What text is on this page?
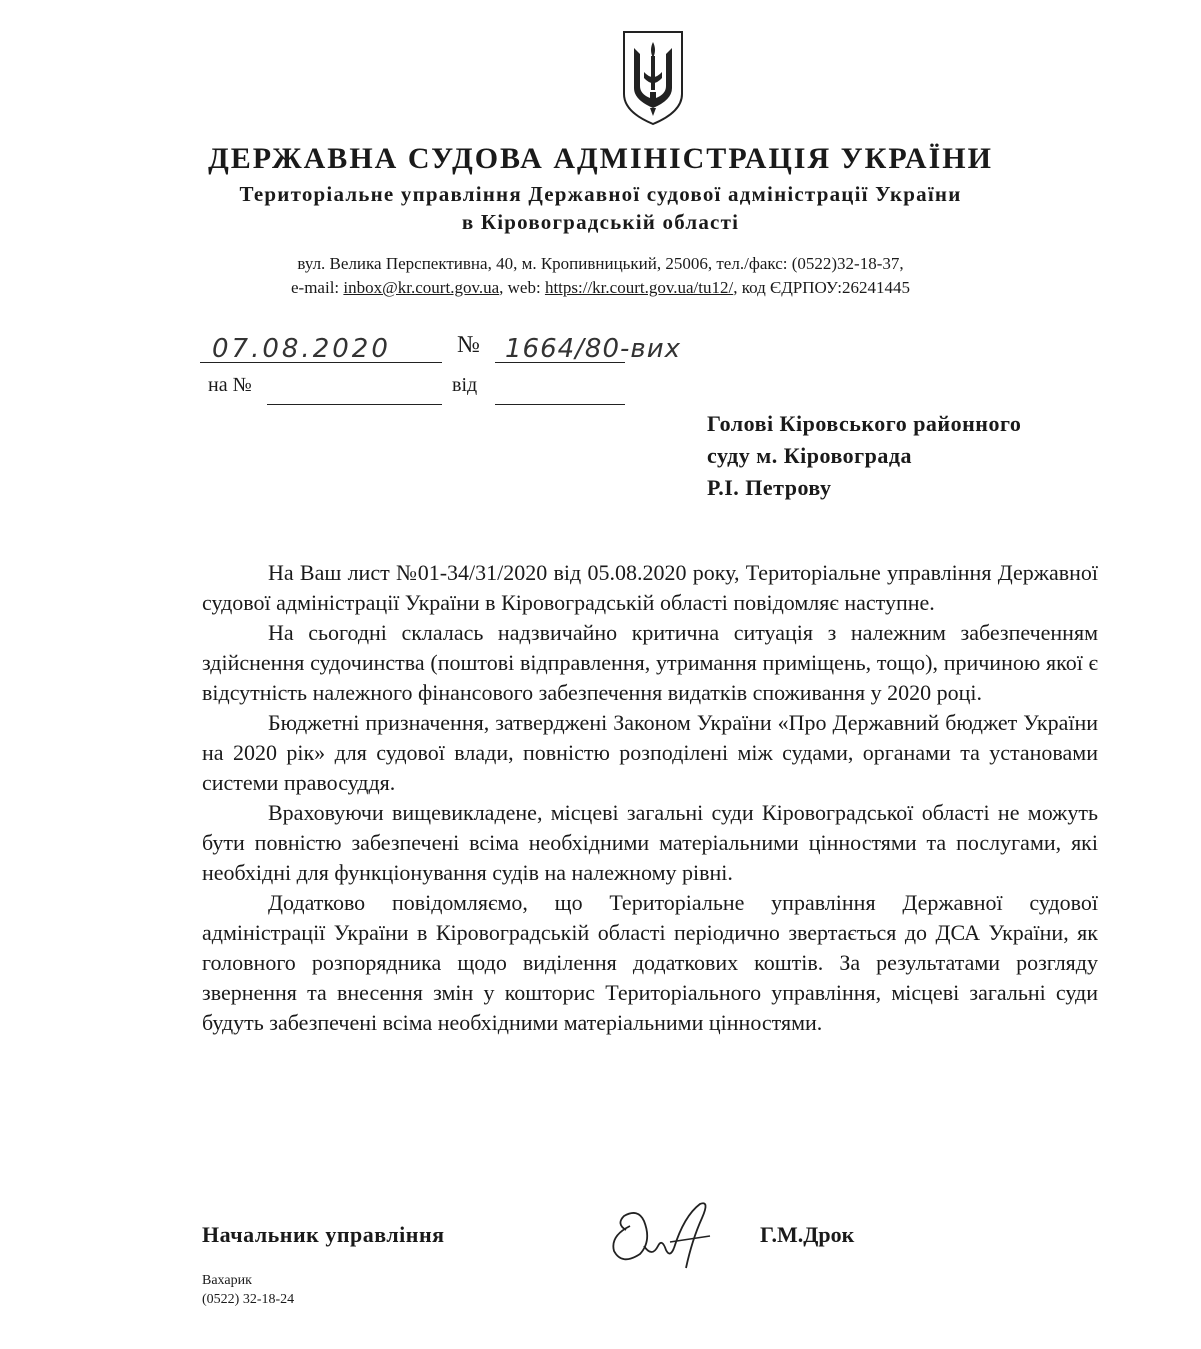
ДЕРЖАВНА СУДОВА АДМІНІСТРАЦІЯ УКРАЇНИ
Територіальне управління Державної судової адміністрації України
в Кіровоградській області
вул. Велика Перспективна, 40, м. Кропивницький, 25006, тел./факс: (0522)32-18-37,
e-mail: inbox@kr.court.gov.ua, web: https://kr.court.gov.ua/tu12/, код ЄДРПОУ:26241445
07.08.2020	№ 1664/80-вих
на №	від
Голові Кіровського районного
суду м. Кіровограда
Р.І. Петрову

На Ваш лист №01-34/31/2020 від 05.08.2020 року, Територіальне управління Державної судової адміністрації України в Кіровоградській області повідомляє наступне.

На сьогодні склалась надзвичайно критична ситуація з належним забезпеченням здійснення судочинства (поштові відправлення, утримання приміщень, тощо), причиною якої є відсутність належного фінансового забезпечення видатків споживання у 2020 році.

Бюджетні призначення, затверджені Законом України «Про Державний бюджет України на 2020 рік» для судової влади, повністю розподілені між судами, органами та установами системи правосуддя.

Враховуючи вищевикладене, місцеві загальні суди Кіровоградської області не можуть бути повністю забезпечені всіма необхідними матеріальними цінностями та послугами, які необхідні для функціонування судів на належному рівні.

Додатково повідомляємо, що Територіальне управління Державної судової адміністрації України в Кіровоградській області періодично звертається до ДСА України, як головного розпорядника щодо виділення додаткових коштів. За результатами розгляду звернення та внесення змін у кошторис Територіального управління, місцеві загальні суди будуть забезпечені всіма необхідними матеріальними цінностями.

Начальник управління	Г.М.Дрок
Вахарик
(0522) 32-18-24
